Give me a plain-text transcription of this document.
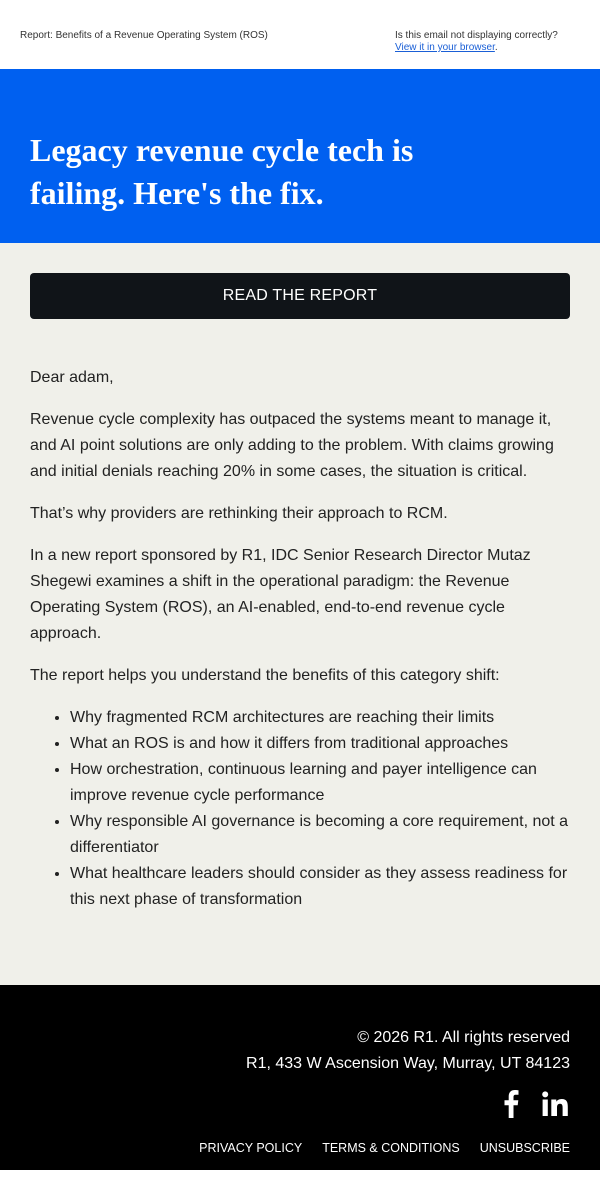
Report: Benefits of a Revenue Operating System (ROS)	Is this email not displaying correctly?
View it in your browser.
Legacy revenue cycle tech is
failing. Here's the fix.
READ THE REPORT

Dear adam,

Revenue cycle complexity has outpaced the systems meant to manage it, and AI point solutions are only adding to the problem. With claims growing and initial denials reaching 20% in some cases, the situation is critical.

That’s why providers are rethinking their approach to RCM.

In a new report sponsored by R1, IDC Senior Research Director Mutaz Shegewi examines a shift in the operational paradigm: the Revenue Operating System (ROS), an AI-enabled, end-to-end revenue cycle approach.

The report helps you understand the benefits of this category shift:

• Why fragmented RCM architectures are reaching their limits
• What an ROS is and how it differs from traditional approaches
• How orchestration, continuous learning and payer intelligence can improve revenue cycle performance
• Why responsible AI governance is becoming a core requirement, not a differentiator
• What healthcare leaders should consider as they assess readiness for this next phase of transformation
© 2026 R1. All rights reserved
R1, 433 W Ascension Way, Murray, UT 84123
PRIVACY POLICY TERMS & CONDITIONS UNSUBSCRIBE
